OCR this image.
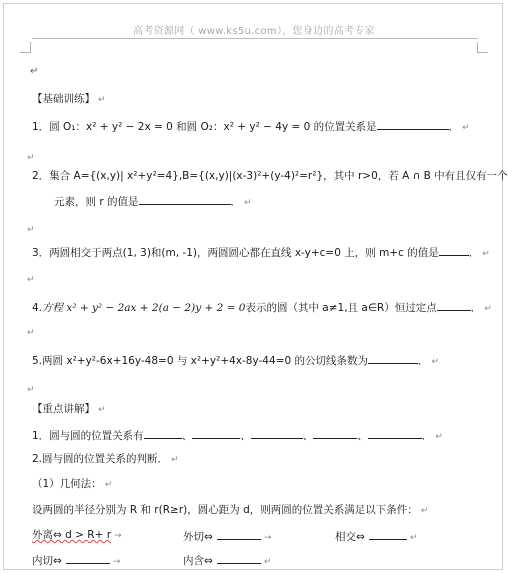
高考资源网（ www.ks5u.com），您身边的高考专家
↵
【基础训练】 ↵
1．圆 O₁：x² + y² − 2x = 0 和圆 O₂：x² + y² − 4y = 0 的位置关系是	． ↵
↵
2．集合 A={(x,y)| x²+y²=4},B={(x,y)|(x-3)²+(y-4)²=r²}，其中 r>0，若 A ∩ B 中有且仅有一个
元素，则 r 的值是	． ↵
↵
3．两圆相交于两点(1, 3)和(m, -1)，两圆圆心都在直线 x-y+c=0 上，则 m+c 的值是	． ↵
↵
4.方程 x² + y² − 2ax + 2(a − 2)y + 2 = 0表示的圆（其中 a≠1,且 a∈R）恒过定点	． ↵
↵
5.两圆 x²+y²-6x+16y-48=0 与 x²+y²+4x-8y-44=0 的公切线条数为	． ↵
↵
【重点讲解】 ↵
1．圆与圆的位置关系有	、	、	、	、	． ↵
2.圆与圆的位置关系的判断． ↵
（1）几何法： ↵
设两圆的半径分别为 R 和 r(R≥r)，圆心距为 d，则两圆的位置关系满足以下条件： ↵
外离⇔ d > R+ r →	外切⇔	→	相交⇔	↵
内切⇔	→	内含⇔	↵
